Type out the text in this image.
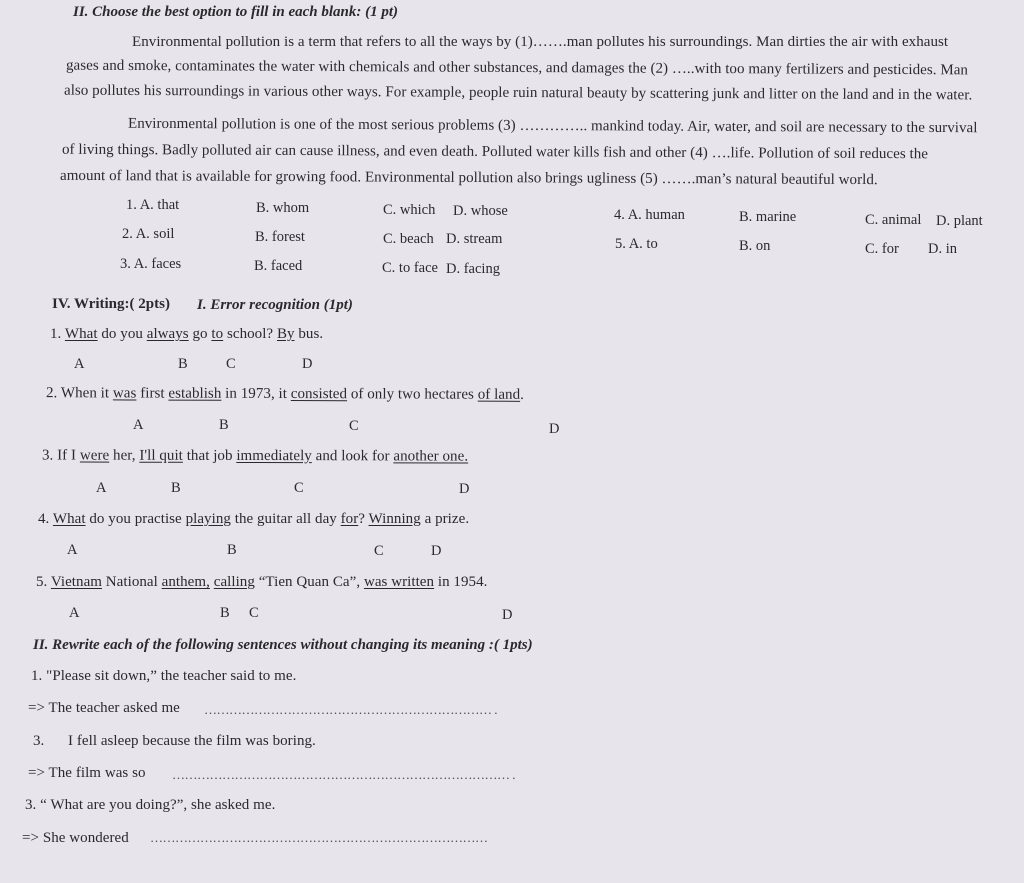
II. Choose the best option to fill in each blank: (1 pt)
Environmental pollution is a term that refers to all the ways by (1)…….man pollutes his surroundings. Man dirties the air with exhaust
gases and smoke, contaminates the water with chemicals and other substances, and damages the (2) …..with too many fertilizers and pesticides. Man
also pollutes his surroundings in various other ways. For example, people ruin natural beauty by scattering junk and litter on the land and in the water.
Environmental pollution is one of the most serious problems (3) ………….. mankind today. Air, water, and soil are necessary to the survival
of living things. Badly polluted air can cause illness, and even death. Polluted water kills fish and other (4) ….life. Pollution of soil reduces the
amount of land that is available for growing food. Environmental pollution also brings ugliness (5) …….man’s natural beautiful world.
1. A. that	B. whom	C. which D. whose
2. A. soil	B. forest	C. beach D. stream
3. A. faces	B. faced	C. to face D. facing
4. A. human	B. marine	C. animal D. plant
5. A. to	B. on	C. for D. in
IV. Writing:( 2pts) I. Error recognition (1pt)
1. What do you always go to school? By bus.
A	B	C	D
2. When it was first establish in 1973, it consisted of only two hectares of land.
A	B	C	D
3. If I were her, I'll quit that job immediately and look for another one.
A	B	C	D
4. What do you practise playing the guitar all day for? Winning a prize.
A	B	C	D
5. Vietnam National anthem, calling “Tien Quan Ca”, was written in 1954.
A	B C	D
II. Rewrite each of the following sentences without changing its meaning :( 1pts)
1. "Please sit down,” the teacher said to me.
=> The teacher asked me …………………………………………………………… .
3. I fell asleep because the film was boring.
=> The film was so ……………………………………………………………………… .
3. “ What are you doing?”, she asked me.
=> She wondered ………………………………………………………………………
